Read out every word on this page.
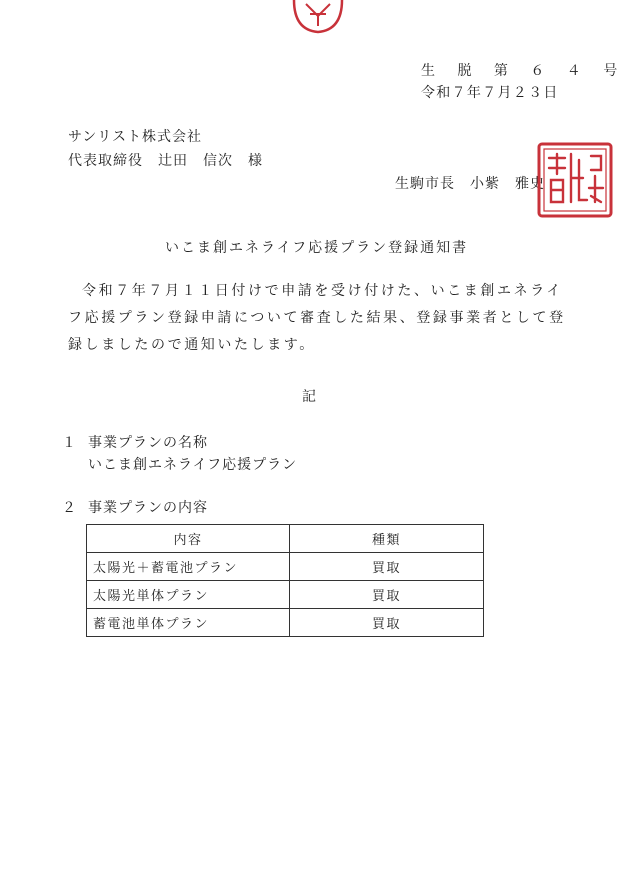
生 脱 第 ６ ４ 号
令和７年７月２３日
サンリスト株式会社
代表取締役　辻田　信次　様
生駒市長　小紫　雅史
いこま創エネライフ応援プラン登録通知書
令和７年７月１１日付けで申請を受け付けた、いこま創エネライフ応援プラン登録申請について審査した結果、登録事業者として登録しましたので通知いたします。
記
１ 事業プランの名称
いこま創エネライフ応援プラン
２ 事業プランの内容
内容	種類
太陽光＋蓄電池プラン	買取
太陽光単体プラン	買取
蓄電池単体プラン	買取
